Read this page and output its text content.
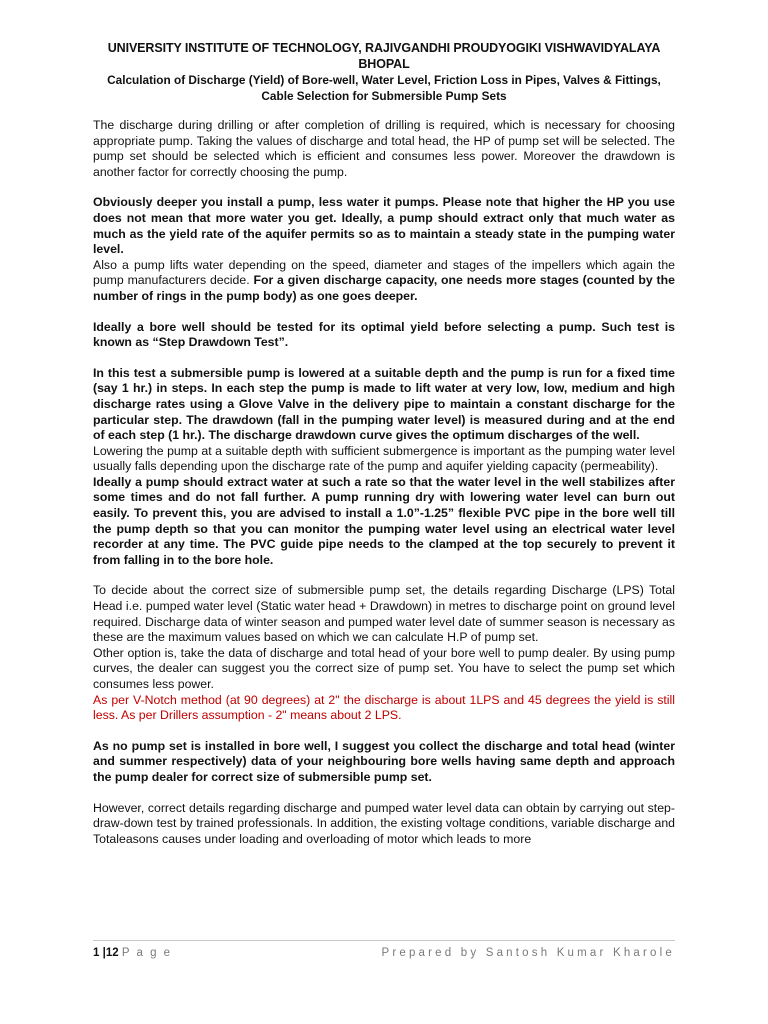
UNIVERSITY INSTITUTE OF TECHNOLOGY, RAJIVGANDHI PROUDYOGIKI VISHWAVIDYALAYA BHOPAL
Calculation of Discharge (Yield) of Bore-well, Water Level, Friction Loss in Pipes, Valves & Fittings,
Cable Selection for Submersible Pump Sets

The discharge during drilling or after completion of drilling is required, which is necessary for choosing appropriate pump. Taking the values of discharge and total head, the HP of pump set will be selected. The pump set should be selected which is efficient and consumes less power. Moreover the drawdown is another factor for correctly choosing the pump.

Obviously deeper you install a pump, less water it pumps. Please note that higher the HP you use does not mean that more water you get. Ideally, a pump should extract only that much water as much as the yield rate of the aquifer permits so as to maintain a steady state in the pumping water level.

Also a pump lifts water depending on the speed, diameter and stages of the impellers which again the pump manufacturers decide. For a given discharge capacity, one needs more stages (counted by the number of rings in the pump body) as one goes deeper.

Ideally a bore well should be tested for its optimal yield before selecting a pump. Such test is known as “Step Drawdown Test”.

In this test a submersible pump is lowered at a suitable depth and the pump is run for a fixed time (say 1 hr.) in steps. In each step the pump is made to lift water at very low, low, medium and high discharge rates using a Glove Valve in the delivery pipe to maintain a constant discharge for the particular step. The drawdown (fall in the pumping water level) is measured during and at the end of each step (1 hr.). The discharge drawdown curve gives the optimum discharges of the well.

Lowering the pump at a suitable depth with sufficient submergence is important as the pumping water level usually falls depending upon the discharge rate of the pump and aquifer yielding capacity (permeability).

Ideally a pump should extract water at such a rate so that the water level in the well stabilizes after some times and do not fall further. A pump running dry with lowering water level can burn out easily. To prevent this, you are advised to install a 1.0”-1.25” flexible PVC pipe in the bore well till the pump depth so that you can monitor the pumping water level using an electrical water level recorder at any time. The PVC guide pipe needs to the clamped at the top securely to prevent it from falling in to the bore hole.

To decide about the correct size of submersible pump set, the details regarding Discharge (LPS) Total Head i.e. pumped water level (Static water head + Drawdown) in metres to discharge point on ground level required. Discharge data of winter season and pumped water level date of summer season is necessary as these are the maximum values based on which we can calculate H.P of pump set.

Other option is, take the data of discharge and total head of your bore well to pump dealer. By using pump curves, the dealer can suggest you the correct size of pump set. You have to select the pump set which consumes less power.

As per V-Notch method (at 90 degrees) at 2" the discharge is about 1LPS and 45 degrees the yield is still less. As per Drillers assumption - 2" means about 2 LPS.

As no pump set is installed in bore well, I suggest you collect the discharge and total head (winter and summer respectively) data of your neighbouring bore wells having same depth and approach the pump dealer for correct size of submersible pump set.

However, correct details regarding discharge and pumped water level data can obtain by carrying out step-draw-down test by trained professionals. In addition, the existing voltage conditions, variable discharge and Totaleasons causes under loading and overloading of motor which leads to more

1 |12 P a g e	Prepared by Santosh Kumar Kharole
